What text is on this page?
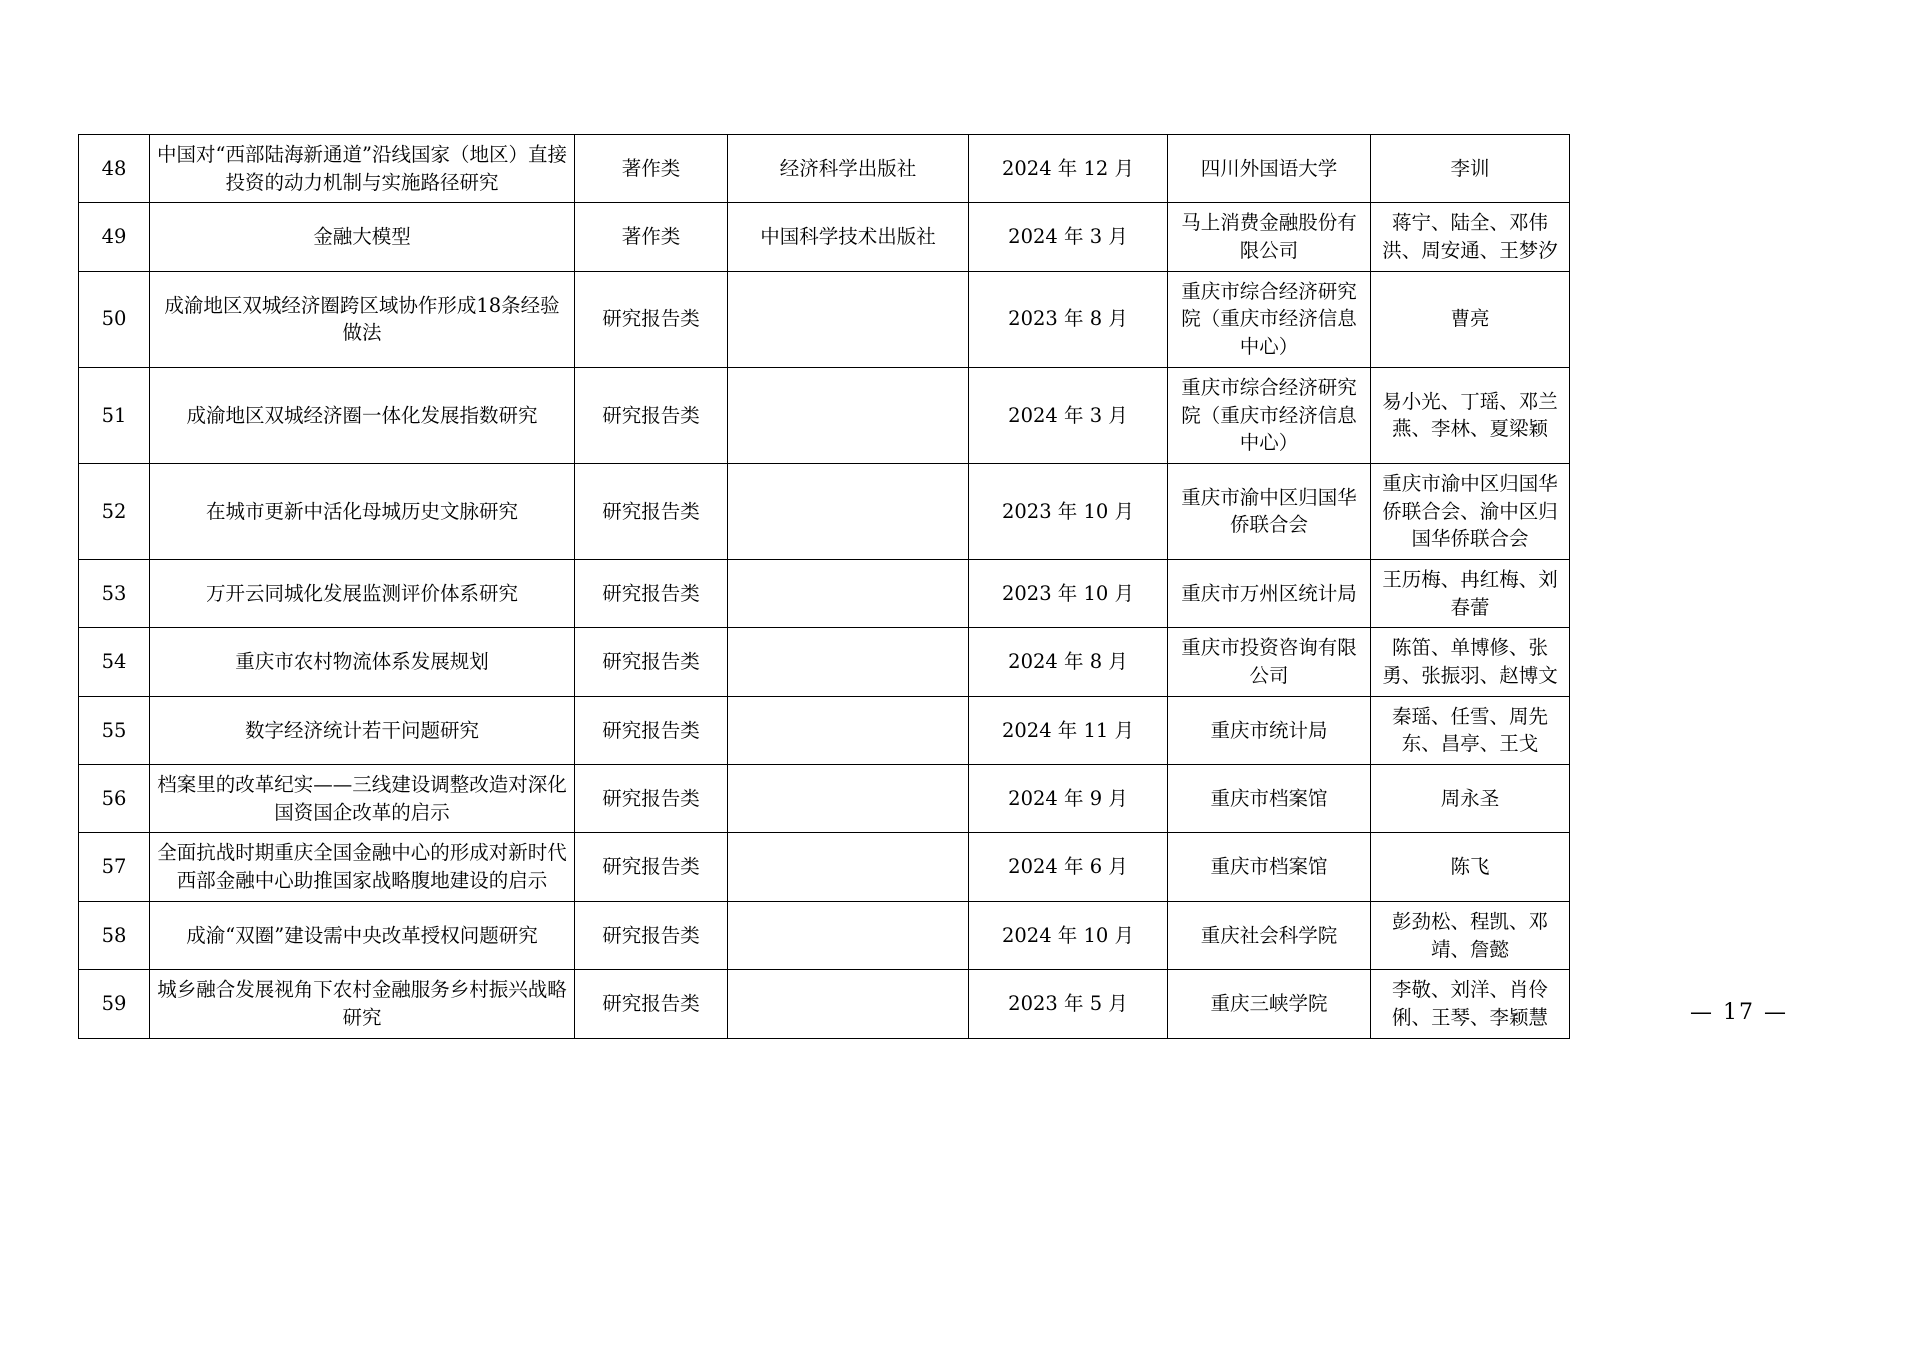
48	中国对“西部陆海新通道”沿线国家（地区）直接投资的动力机制与实施路径研究	著作类	经济科学出版社	2024 年 12 月	四川外国语大学	李训
49	金融大模型	著作类	中国科学技术出版社	2024 年 3 月	马上消费金融股份有限公司	蒋宁、陆全、邓伟洪、周安通、王梦汐
50	成渝地区双城经济圈跨区域协作形成18条经验做法	研究报告类		2023 年 8 月	重庆市综合经济研究院（重庆市经济信息中心）	曹亮
51	成渝地区双城经济圈一体化发展指数研究	研究报告类		2024 年 3 月	重庆市综合经济研究院（重庆市经济信息中心）	易小光、丁瑶、邓兰燕、李林、夏梁颖
52	在城市更新中活化母城历史文脉研究	研究报告类		2023 年 10 月	重庆市渝中区归国华侨联合会	重庆市渝中区归国华侨联合会、渝中区归国华侨联合会
53	万开云同城化发展监测评价体系研究	研究报告类		2023 年 10 月	重庆市万州区统计局	王历梅、冉红梅、刘春蕾
54	重庆市农村物流体系发展规划	研究报告类		2024 年 8 月	重庆市投资咨询有限公司	陈笛、单博修、张勇、张振羽、赵博文
55	数字经济统计若干问题研究	研究报告类		2024 年 11 月	重庆市统计局	秦瑶、任雪、周先东、昌亭、王戈
56	档案里的改革纪实——三线建设调整改造对深化国资国企改革的启示	研究报告类		2024 年 9 月	重庆市档案馆	周永圣
57	全面抗战时期重庆全国金融中心的形成对新时代西部金融中心助推国家战略腹地建设的启示	研究报告类		2024 年 6 月	重庆市档案馆	陈飞
58	成渝“双圈”建设需中央改革授权问题研究	研究报告类		2024 年 10 月	重庆社会科学院	彭劲松、程凯、邓靖、詹懿
59	城乡融合发展视角下农村金融服务乡村振兴战略研究	研究报告类		2023 年 5 月	重庆三峡学院	李敬、刘洋、肖伶俐、王琴、李颖慧	— 17 —
